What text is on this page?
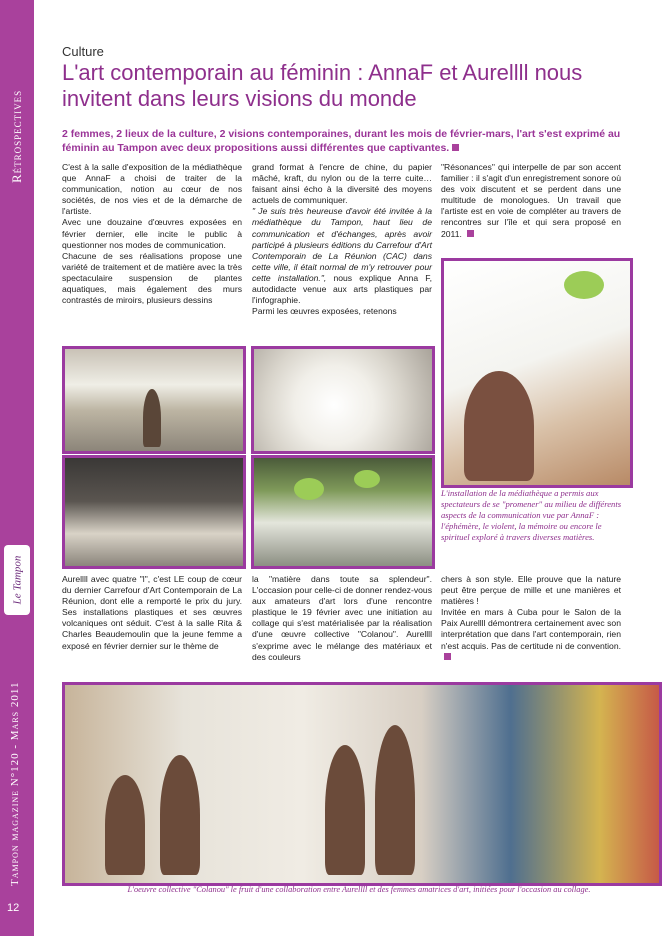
Rétrospectives
Le Tampon
Tampon magazine N°120 - Mars 2011
12
Culture
L'art contemporain au féminin : AnnaF et Aurellll nous invitent dans leurs visions du monde

2 femmes, 2 lieux de la culture, 2 visions contemporaines, durant les mois de février-mars, l'art s'est exprimé au féminin au Tampon avec deux propositions aussi différentes que captivantes.

C'est à la salle d'exposition de la médiathèque que AnnaF a choisi de traiter de la communication, notion au cœur de nos sociétés, de nos vies et de la démarche de l'artiste.

Avec une douzaine d'œuvres exposées en février dernier, elle incite le public à questionner nos modes de communication.

Chacune de ses réalisations propose une variété de traitement et de matière avec la très spectaculaire suspension de plantes aquatiques, mais également des murs contrastés de miroirs, plusieurs dessins

grand format à l'encre de chine, du papier mâché, kraft, du nylon ou de la terre cuite… faisant ainsi écho à la diversité des moyens actuels de communiquer.

" Je suis très heureuse d'avoir été invitée à la médiathèque du Tampon, haut lieu de communication et d'échanges, après avoir participé à plusieurs éditions du Carrefour d'Art Contemporain de La Réunion (CAC) dans cette ville, il était normal de m'y retrouver pour cette installation.", nous explique Anna F, autodidacte venue aux arts plastiques par l'infographie.

Parmi les œuvres exposées, retenons

"Résonances" qui interpelle de par son accent familier : il s'agit d'un enregistrement sonore où des voix discutent et se perdent dans une multitude de monologues. Un travail que l'artiste est en voie de compléter au travers de rencontres sur l'île et qui sera proposé en 2011.

L'installation de la médiathèque a permis aux spectateurs de se "promener" au milieu de différents aspects de la communication vue par AnnaF : l'éphémère, le violent, la mémoire ou encore le spirituel exploré à travers diverses matières.

Aurellll avec quatre "l", c'est LE coup de cœur du dernier Carrefour d'Art Contemporain de La Réunion, dont elle a remporté le prix du jury. Ses installations plastiques et ses œuvres volcaniques ont séduit. C'est à la salle Rita & Charles Beaudemoulin que la jeune femme a exposé en février dernier sur le thème de

la "matière dans toute sa splendeur". L'occasion pour celle-ci de donner rendez-vous aux amateurs d'art lors d'une rencontre plastique le 19 février avec une initiation au collage qui s'est matérialisée par la réalisation d'une œuvre collective "Colanou". Aurellll s'exprime avec le mélange des matériaux et des couleurs

chers à son style. Elle prouve que la nature peut être perçue de mille et une manières et matières !

Invitée en mars à Cuba pour le Salon de la Paix Aurellll démontrera certainement avec son interprétation que dans l'art contemporain, rien n'est acquis. Pas de certitude ni de convention.

L'oeuvre collective "Colanou" le fruit d'une collaboration entre Aurellll et des femmes amatrices d'art, initiées pour l'occasion au collage.
